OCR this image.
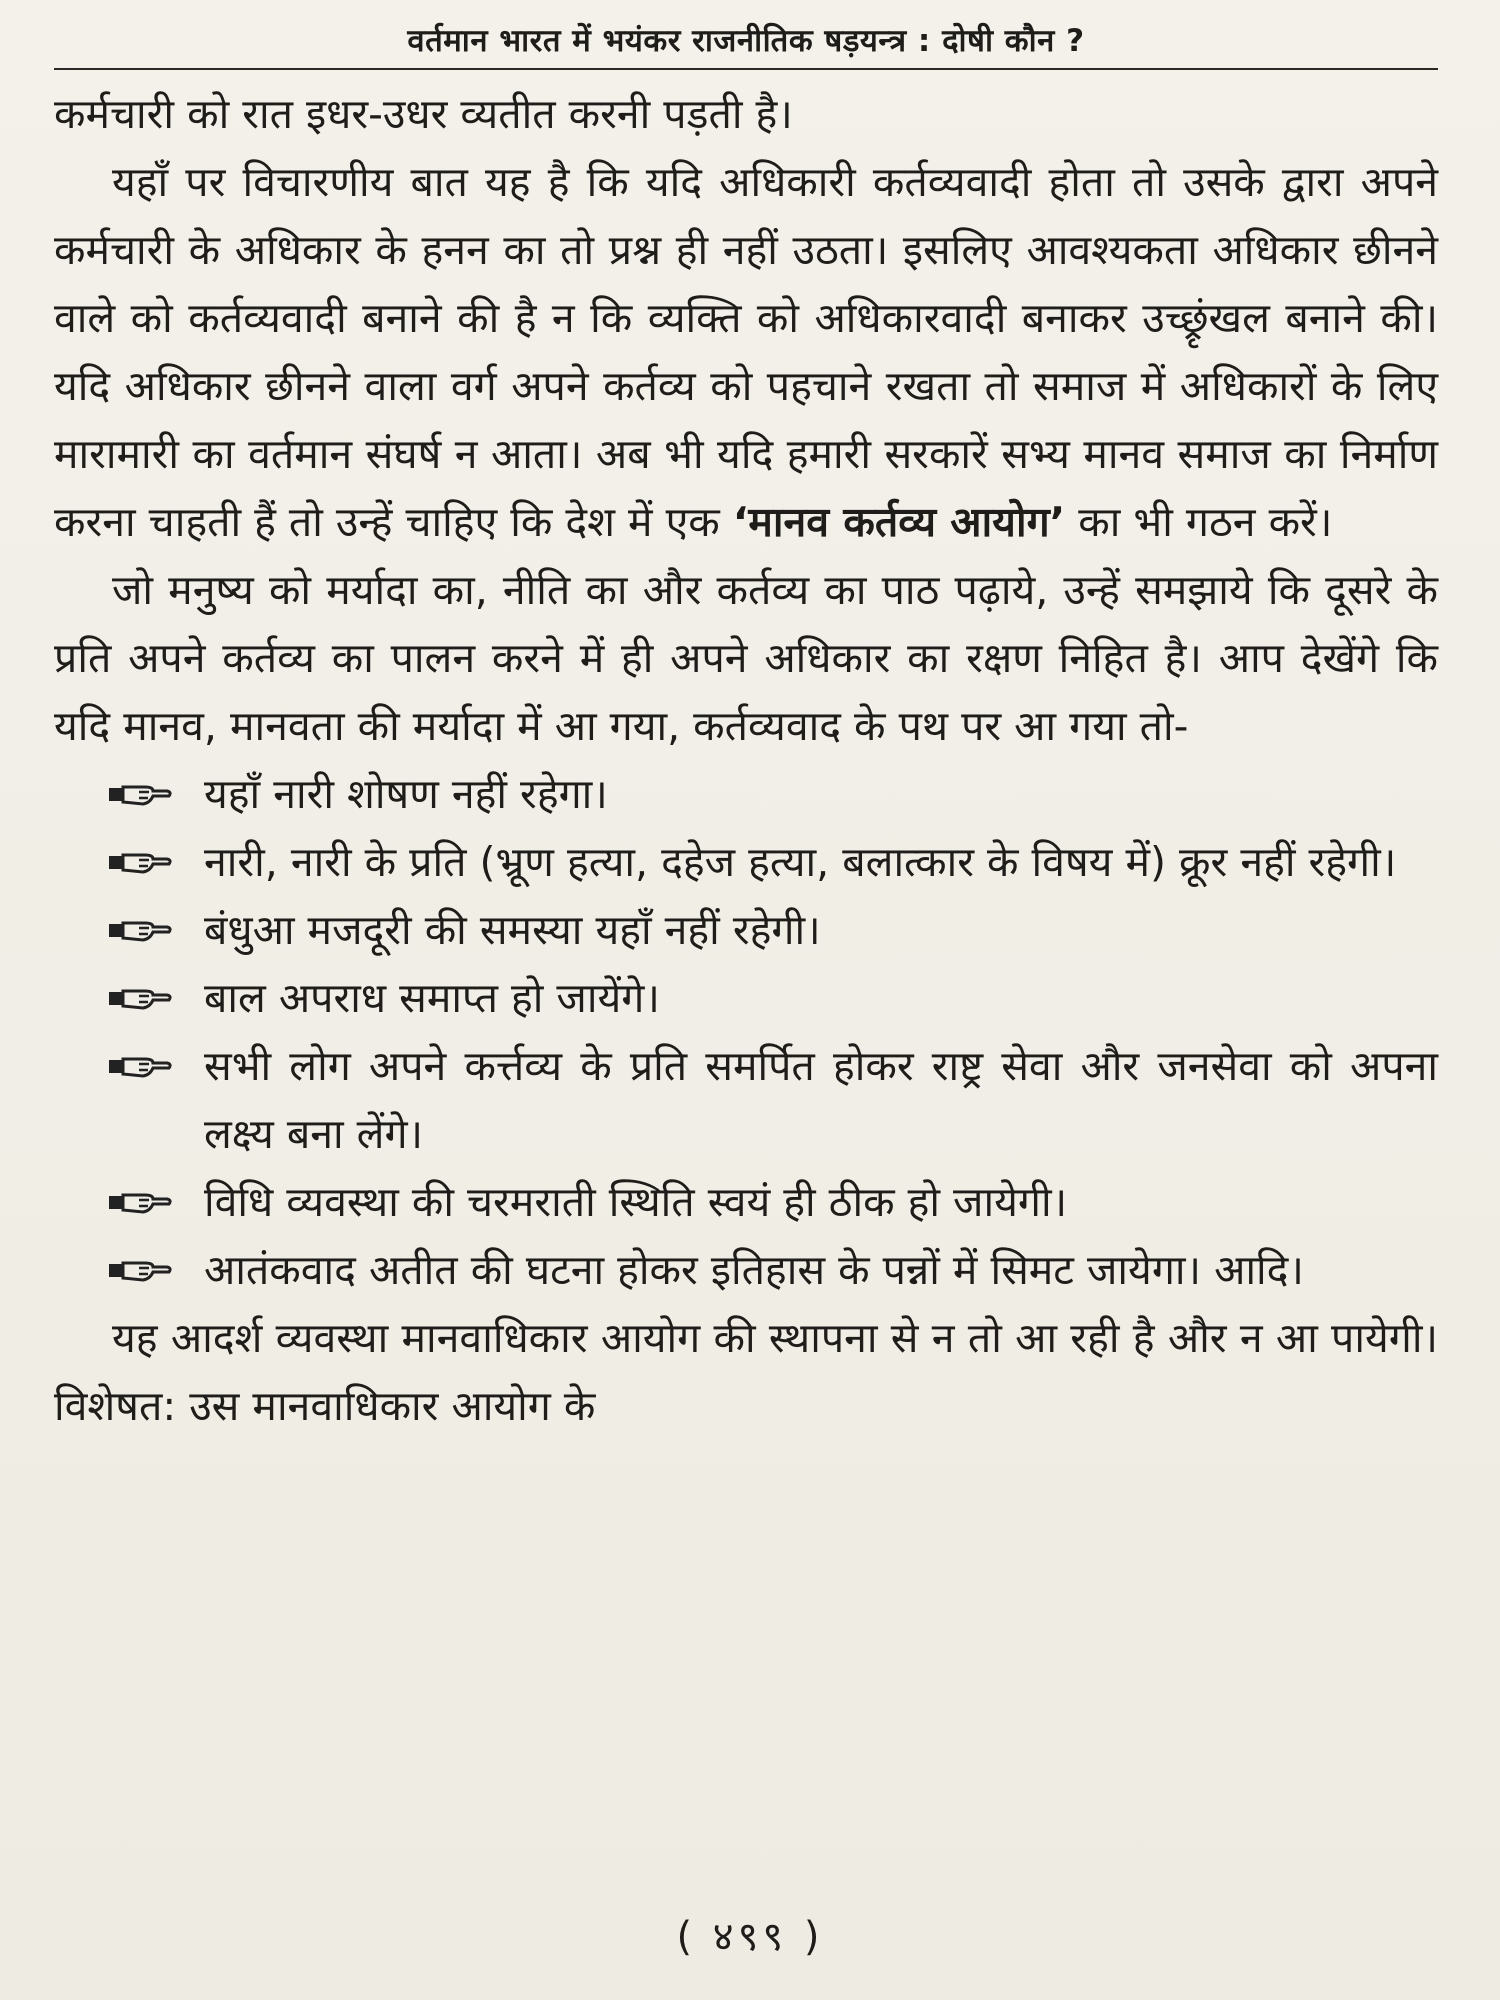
वर्तमान भारत में भयंकर राजनीतिक षड़यन्त्र : दोषी कौन ?

कर्मचारी को रात इधर-उधर व्यतीत करनी पड़ती है।

यहाँ पर विचारणीय बात यह है कि यदि अधिकारी कर्तव्यवादी होता तो उसके द्वारा अपने कर्मचारी के अधिकार के हनन का तो प्रश्न ही नहीं उठता। इसलिए आवश्यकता अधिकार छीनने वाले को कर्तव्यवादी बनाने की है न कि व्यक्ति को अधिकारवादी बनाकर उच्छ्रृंखल बनाने की। यदि अधिकार छीनने वाला वर्ग अपने कर्तव्य को पहचाने रखता तो समाज में अधिकारों के लिए मारामारी का वर्तमान संघर्ष न आता। अब भी यदि हमारी सरकारें सभ्य मानव समाज का निर्माण करना चाहती हैं तो उन्हें चाहिए कि देश में एक ‘मानव कर्तव्य आयोग’ का भी गठन करें।

जो मनुष्य को मर्यादा का, नीति का और कर्तव्य का पाठ पढ़ाये, उन्हें समझाये कि दूसरे के प्रति अपने कर्तव्य का पालन करने में ही अपने अधिकार का रक्षण निहित है। आप देखेंगे कि यदि मानव, मानवता की मर्यादा में आ गया, कर्तव्यवाद के पथ पर आ गया तो-

यहाँ नारी शोषण नहीं रहेगा।
नारी, नारी के प्रति (भ्रूण हत्या, दहेज हत्या, बलात्कार के विषय में) क्रूर नहीं रहेगी।
बंधुआ मजदूरी की समस्या यहाँ नहीं रहेगी।
बाल अपराध समाप्त हो जायेंगे।
सभी लोग अपने कर्त्तव्य के प्रति समर्पित होकर राष्ट्र सेवा और जनसेवा को अपना लक्ष्य बना लेंगे।
विधि व्यवस्था की चरमराती स्थिति स्वयं ही ठीक हो जायेगी।
आतंकवाद अतीत की घटना होकर इतिहास के पन्नों में सिमट जायेगा। आदि।

यह आदर्श व्यवस्था मानवाधिकार आयोग की स्थापना से न तो आ रही है और न आ पायेगी। विशेषत: उस मानवाधिकार आयोग के

( ४९९ )
